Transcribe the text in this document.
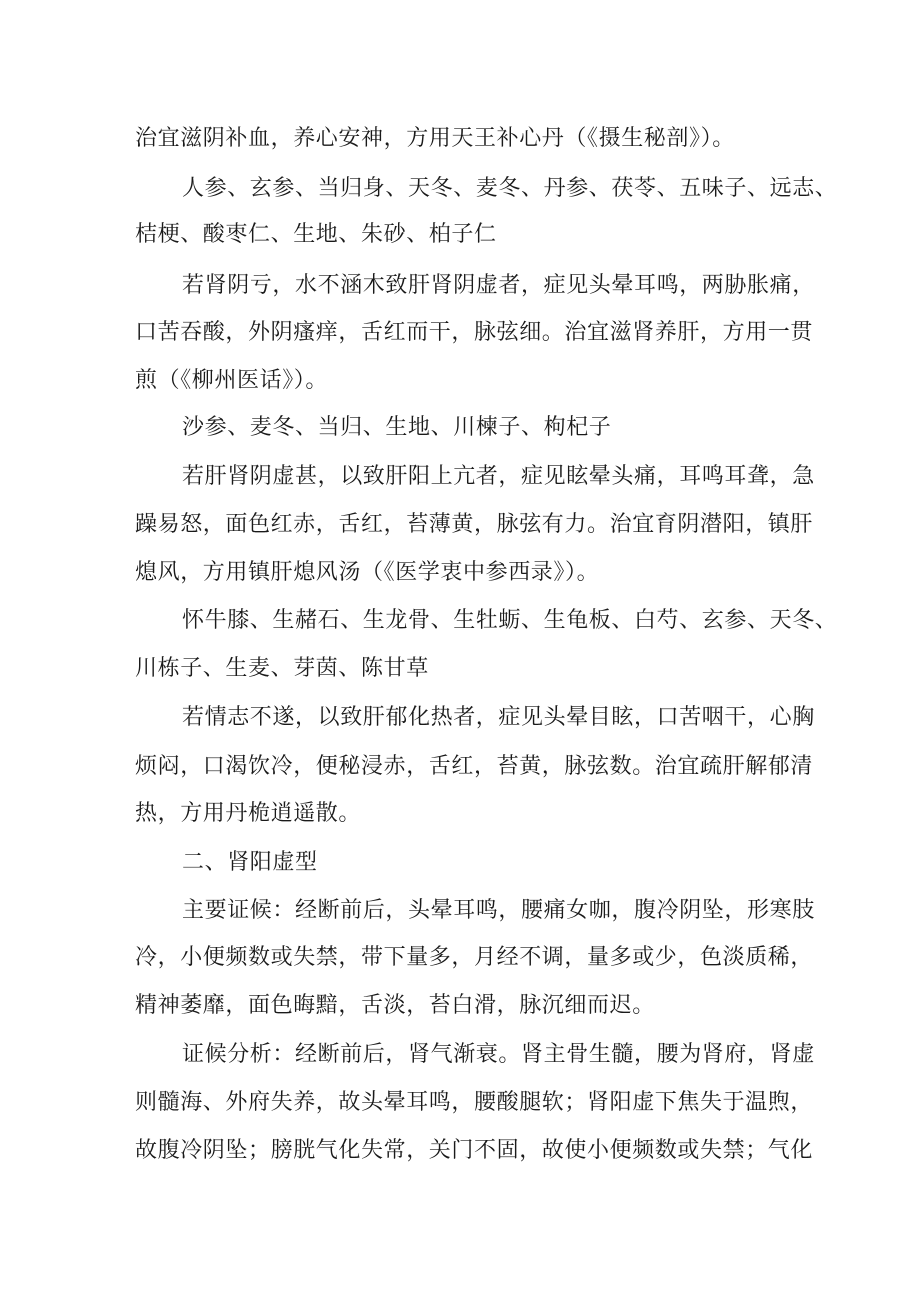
治宜滋阴补血，养心安神，方用天王补心丹（《摄生秘剖》）。

人参、玄参、当归身、天冬、麦冬、丹参、茯苓、五味子、远志、

桔梗、酸枣仁、生地、朱砂、柏子仁

若肾阴亏，水不涵木致肝肾阴虚者，症见头晕耳鸣，两胁胀痛，

口苦吞酸，外阴瘙痒，舌红而干，脉弦细。治宜滋肾养肝，方用一贯

煎（《柳州医话》）。

沙参、麦冬、当归、生地、川楝子、枸杞子

若肝肾阴虚甚，以致肝阳上亢者，症见眩晕头痛，耳鸣耳聋，急

躁易怒，面色红赤，舌红，苔薄黄，脉弦有力。治宜育阴潜阳，镇肝

熄风，方用镇肝熄风汤（《医学衷中参西录》）。

怀牛膝、生赭石、生龙骨、生牡蛎、生龟板、白芍、玄参、天冬、

川栋子、生麦、芽茵、陈甘草

若情志不遂，以致肝郁化热者，症见头晕目眩，口苦咽干，心胸

烦闷，口渴饮冷，便秘浸赤，舌红，苔黄，脉弦数。治宜疏肝解郁清

热，方用丹桅逍遥散。

二、肾阳虚型

主要证候：经断前后，头晕耳鸣，腰痛女咖，腹冷阴坠，形寒肢

冷，小便频数或失禁，带下量多，月经不调，量多或少，色淡质稀，

精神萎靡，面色晦黯，舌淡，苔白滑，脉沉细而迟。

证候分析：经断前后，肾气渐衰。肾主骨生髓，腰为肾府，肾虚

则髓海、外府失养，故头晕耳鸣，腰酸腿软；肾阳虚下焦失于温煦，

故腹冷阴坠；膀胱气化失常，关门不固，故使小便频数或失禁；气化
